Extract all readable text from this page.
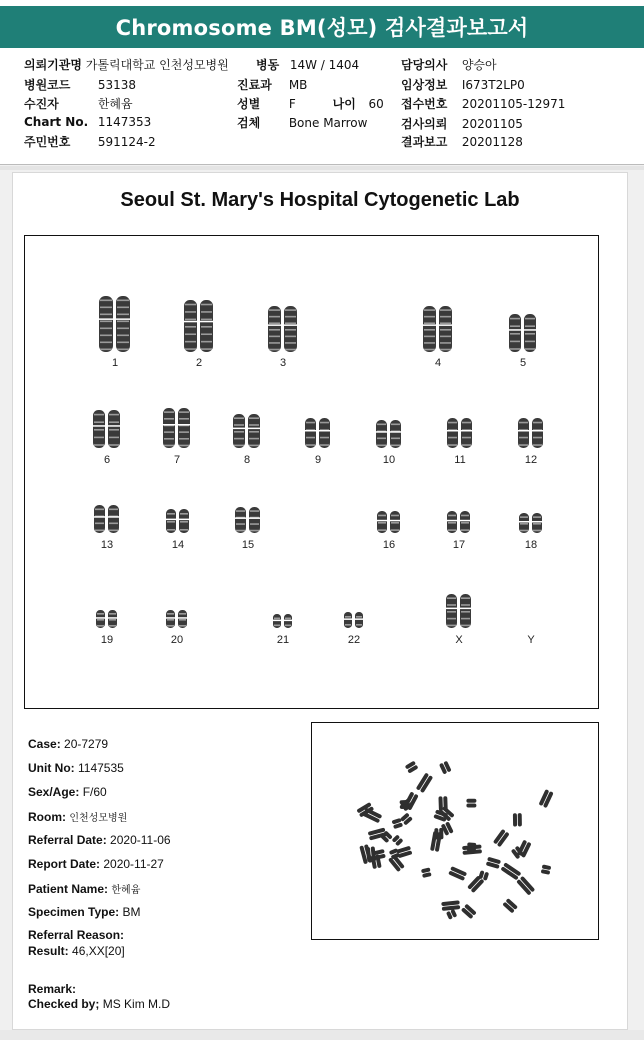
Chromosome BM(성모) 검사결과보고서
의뢰기관명 가톨릭대학교 인천성모병원
병원코드 53138
수진자	한혜윰
Chart No. 1147353
주민번호 591124-2
병동 14W / 1404
진료과 MB
성별 F	나이 60
검체 Bone Marrow
담당의사 양승아
임상정보 I673T2LP0
접수번호 20201105-12971
검사의뢰 20201105
결과보고 20201128
Seoul St. Mary's Hospital Cytogenetic Lab
1	2	3	4	5
6	7	8	9	10	11	12
13	14	15	16	17	18
19	20	21	22	X	Y
Case: 20-7279
Unit No: 1147535
Sex/Age: F/60
Room: 인천성모병원
Referral Date: 2020-11-06
Report Date: 2020-11-27
Patient Name: 한혜윰
Specimen Type: BM
Referral Reason:
Result: 46,XX[20]
Remark:
Checked by; MS Kim M.D
